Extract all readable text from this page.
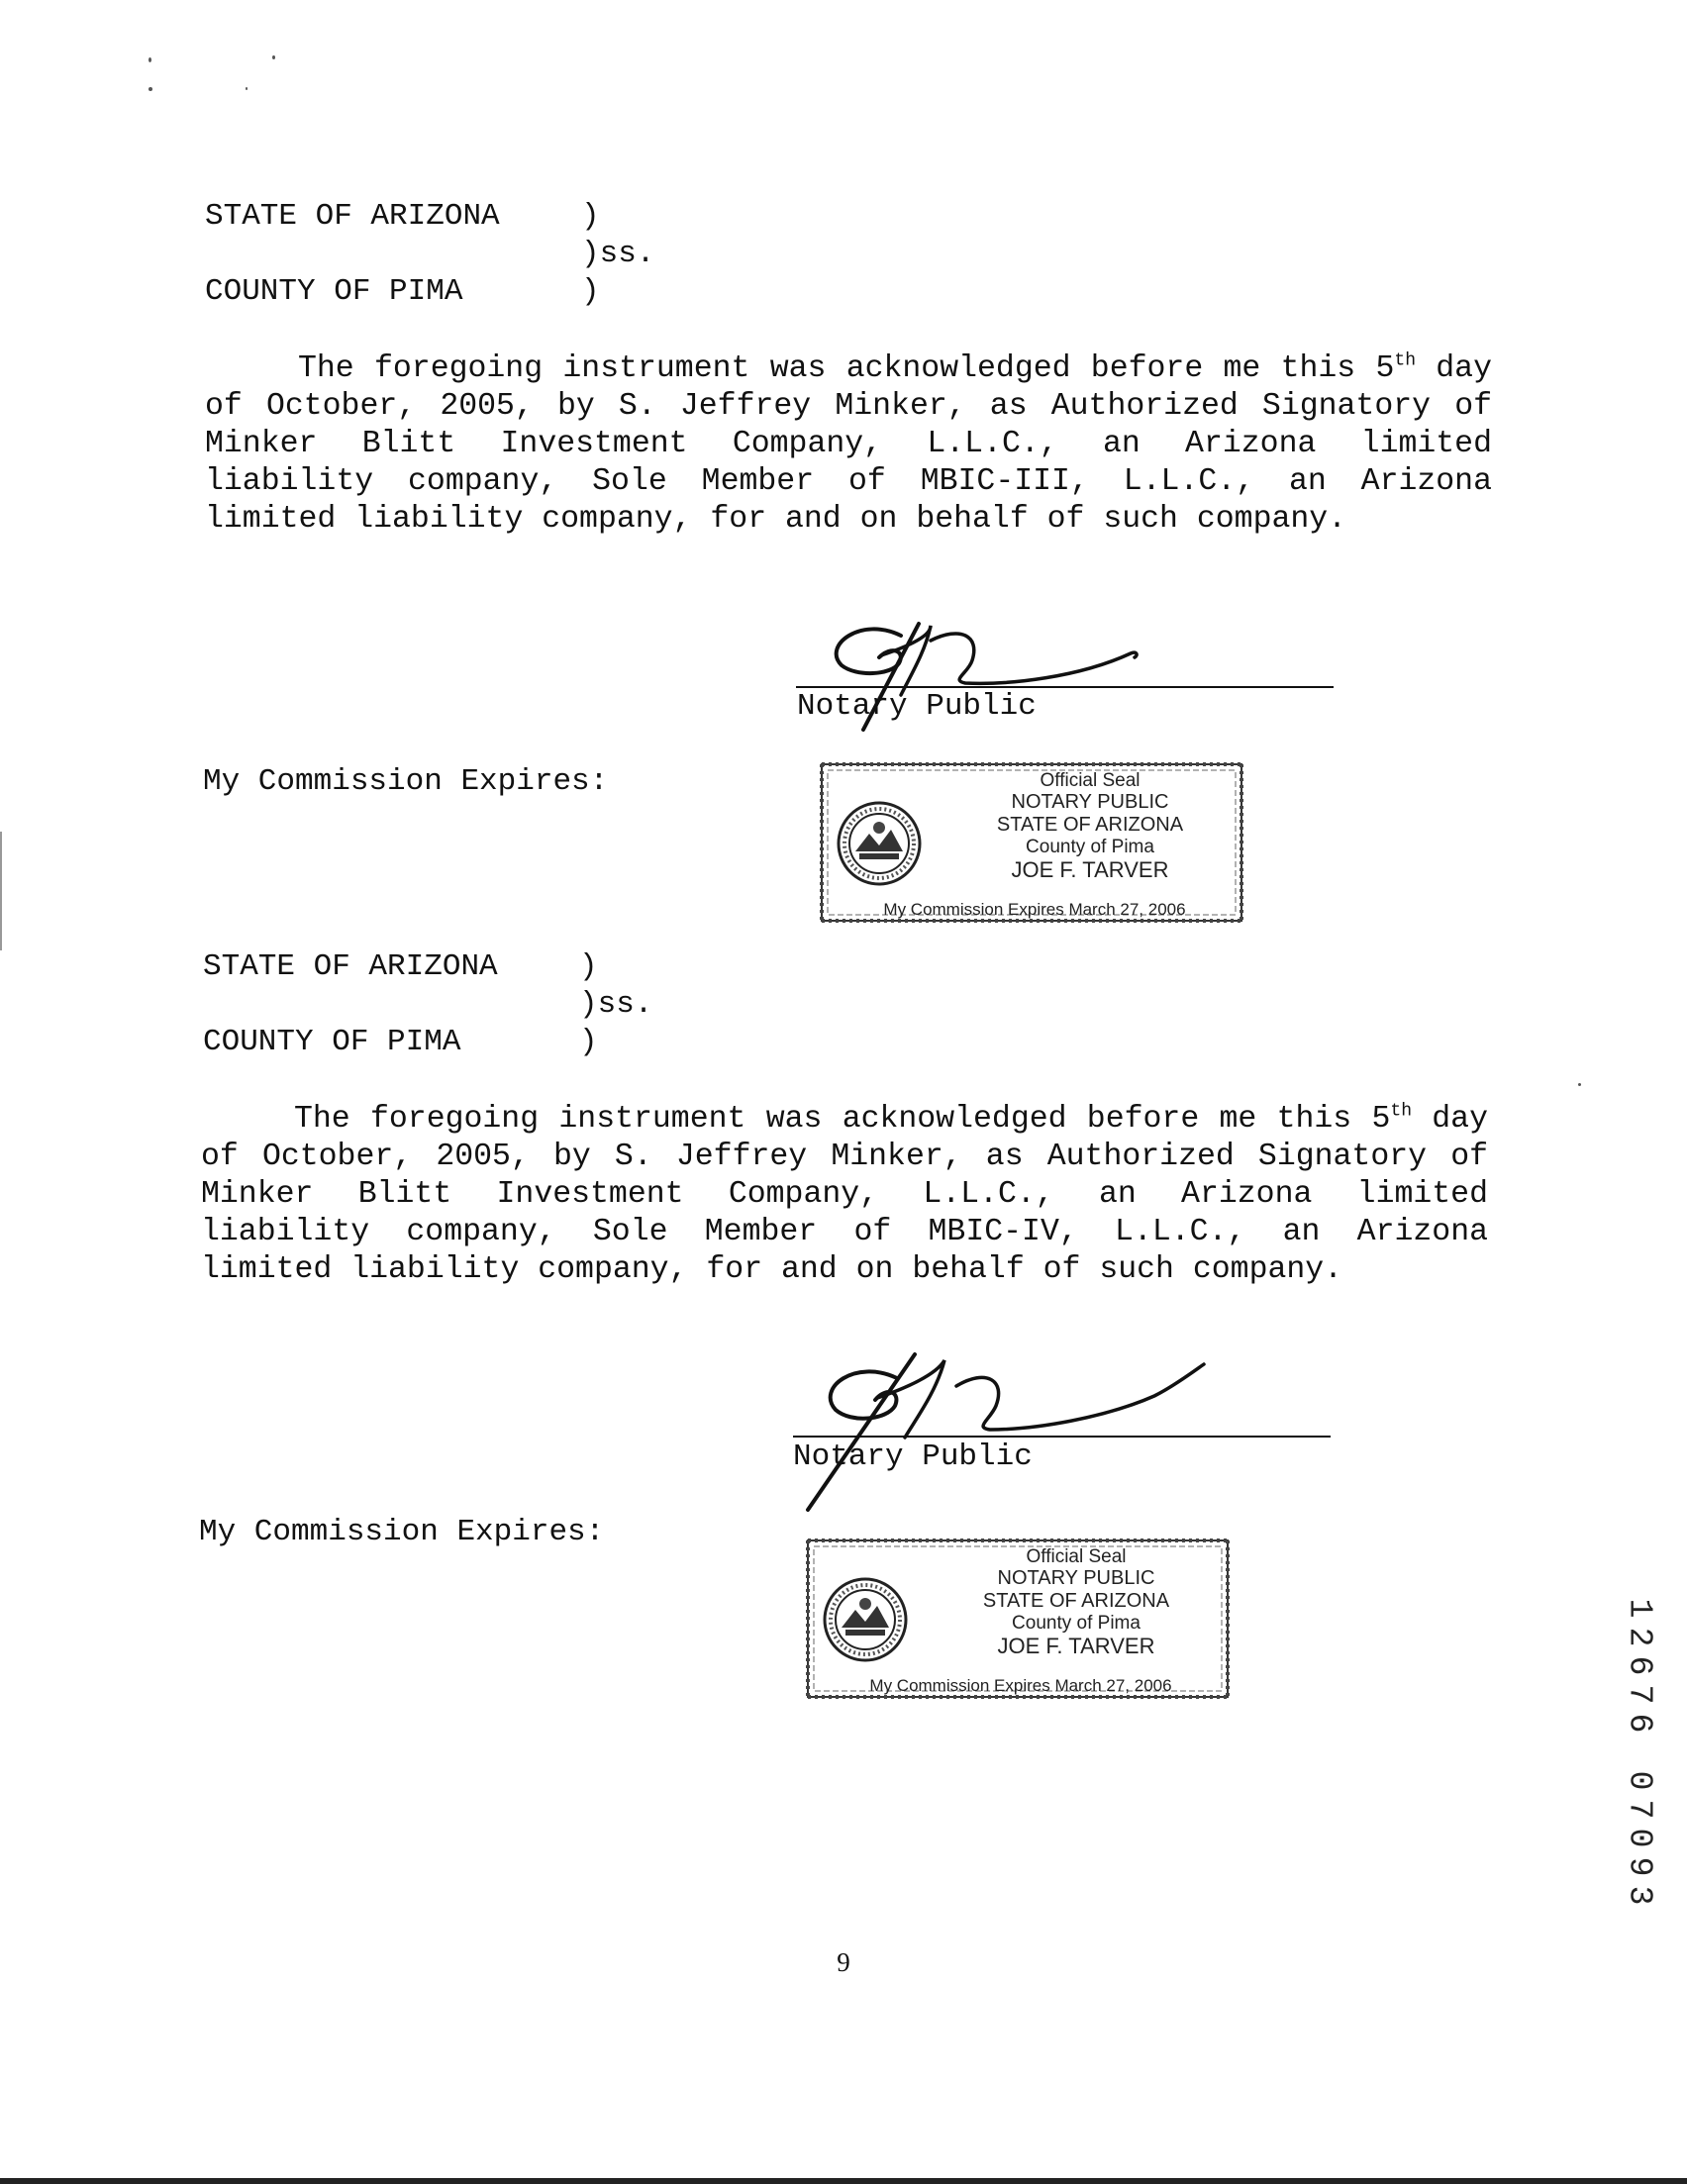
STATE OF ARIZONA	)
)ss.
COUNTY OF PIMA	)
The foregoing instrument was acknowledged before me this 5th day of October, 2005, by S. Jeffrey Minker, as Authorized Signatory of Minker Blitt Investment Company, L.L.C., an Arizona limited liability company, Sole Member of MBIC-III, L.L.C., an Arizona limited liability company, for and on behalf of such company.
Notary Public
My Commission Expires:	Official Seal
NOTARY PUBLIC
STATE OF ARIZONA
County of Pima
JOE F. TARVER
My Commission Expires March 27, 2006
STATE OF ARIZONA	)
)ss.
COUNTY OF PIMA	)
The foregoing instrument was acknowledged before me this 5th day of October, 2005, by S. Jeffrey Minker, as Authorized Signatory of Minker Blitt Investment Company, L.L.C., an Arizona limited liability company, Sole Member of MBIC-IV, L.L.C., an Arizona limited liability company, for and on behalf of such company.
Notary Public
My Commission Expires:
Official Seal
NOTARY PUBLIC
STATE OF ARIZONA
County of Pima
JOE F. TARVER
My Commission Expires March 27, 2006
9
1
2
6
7
6
0
7
0
9
3
